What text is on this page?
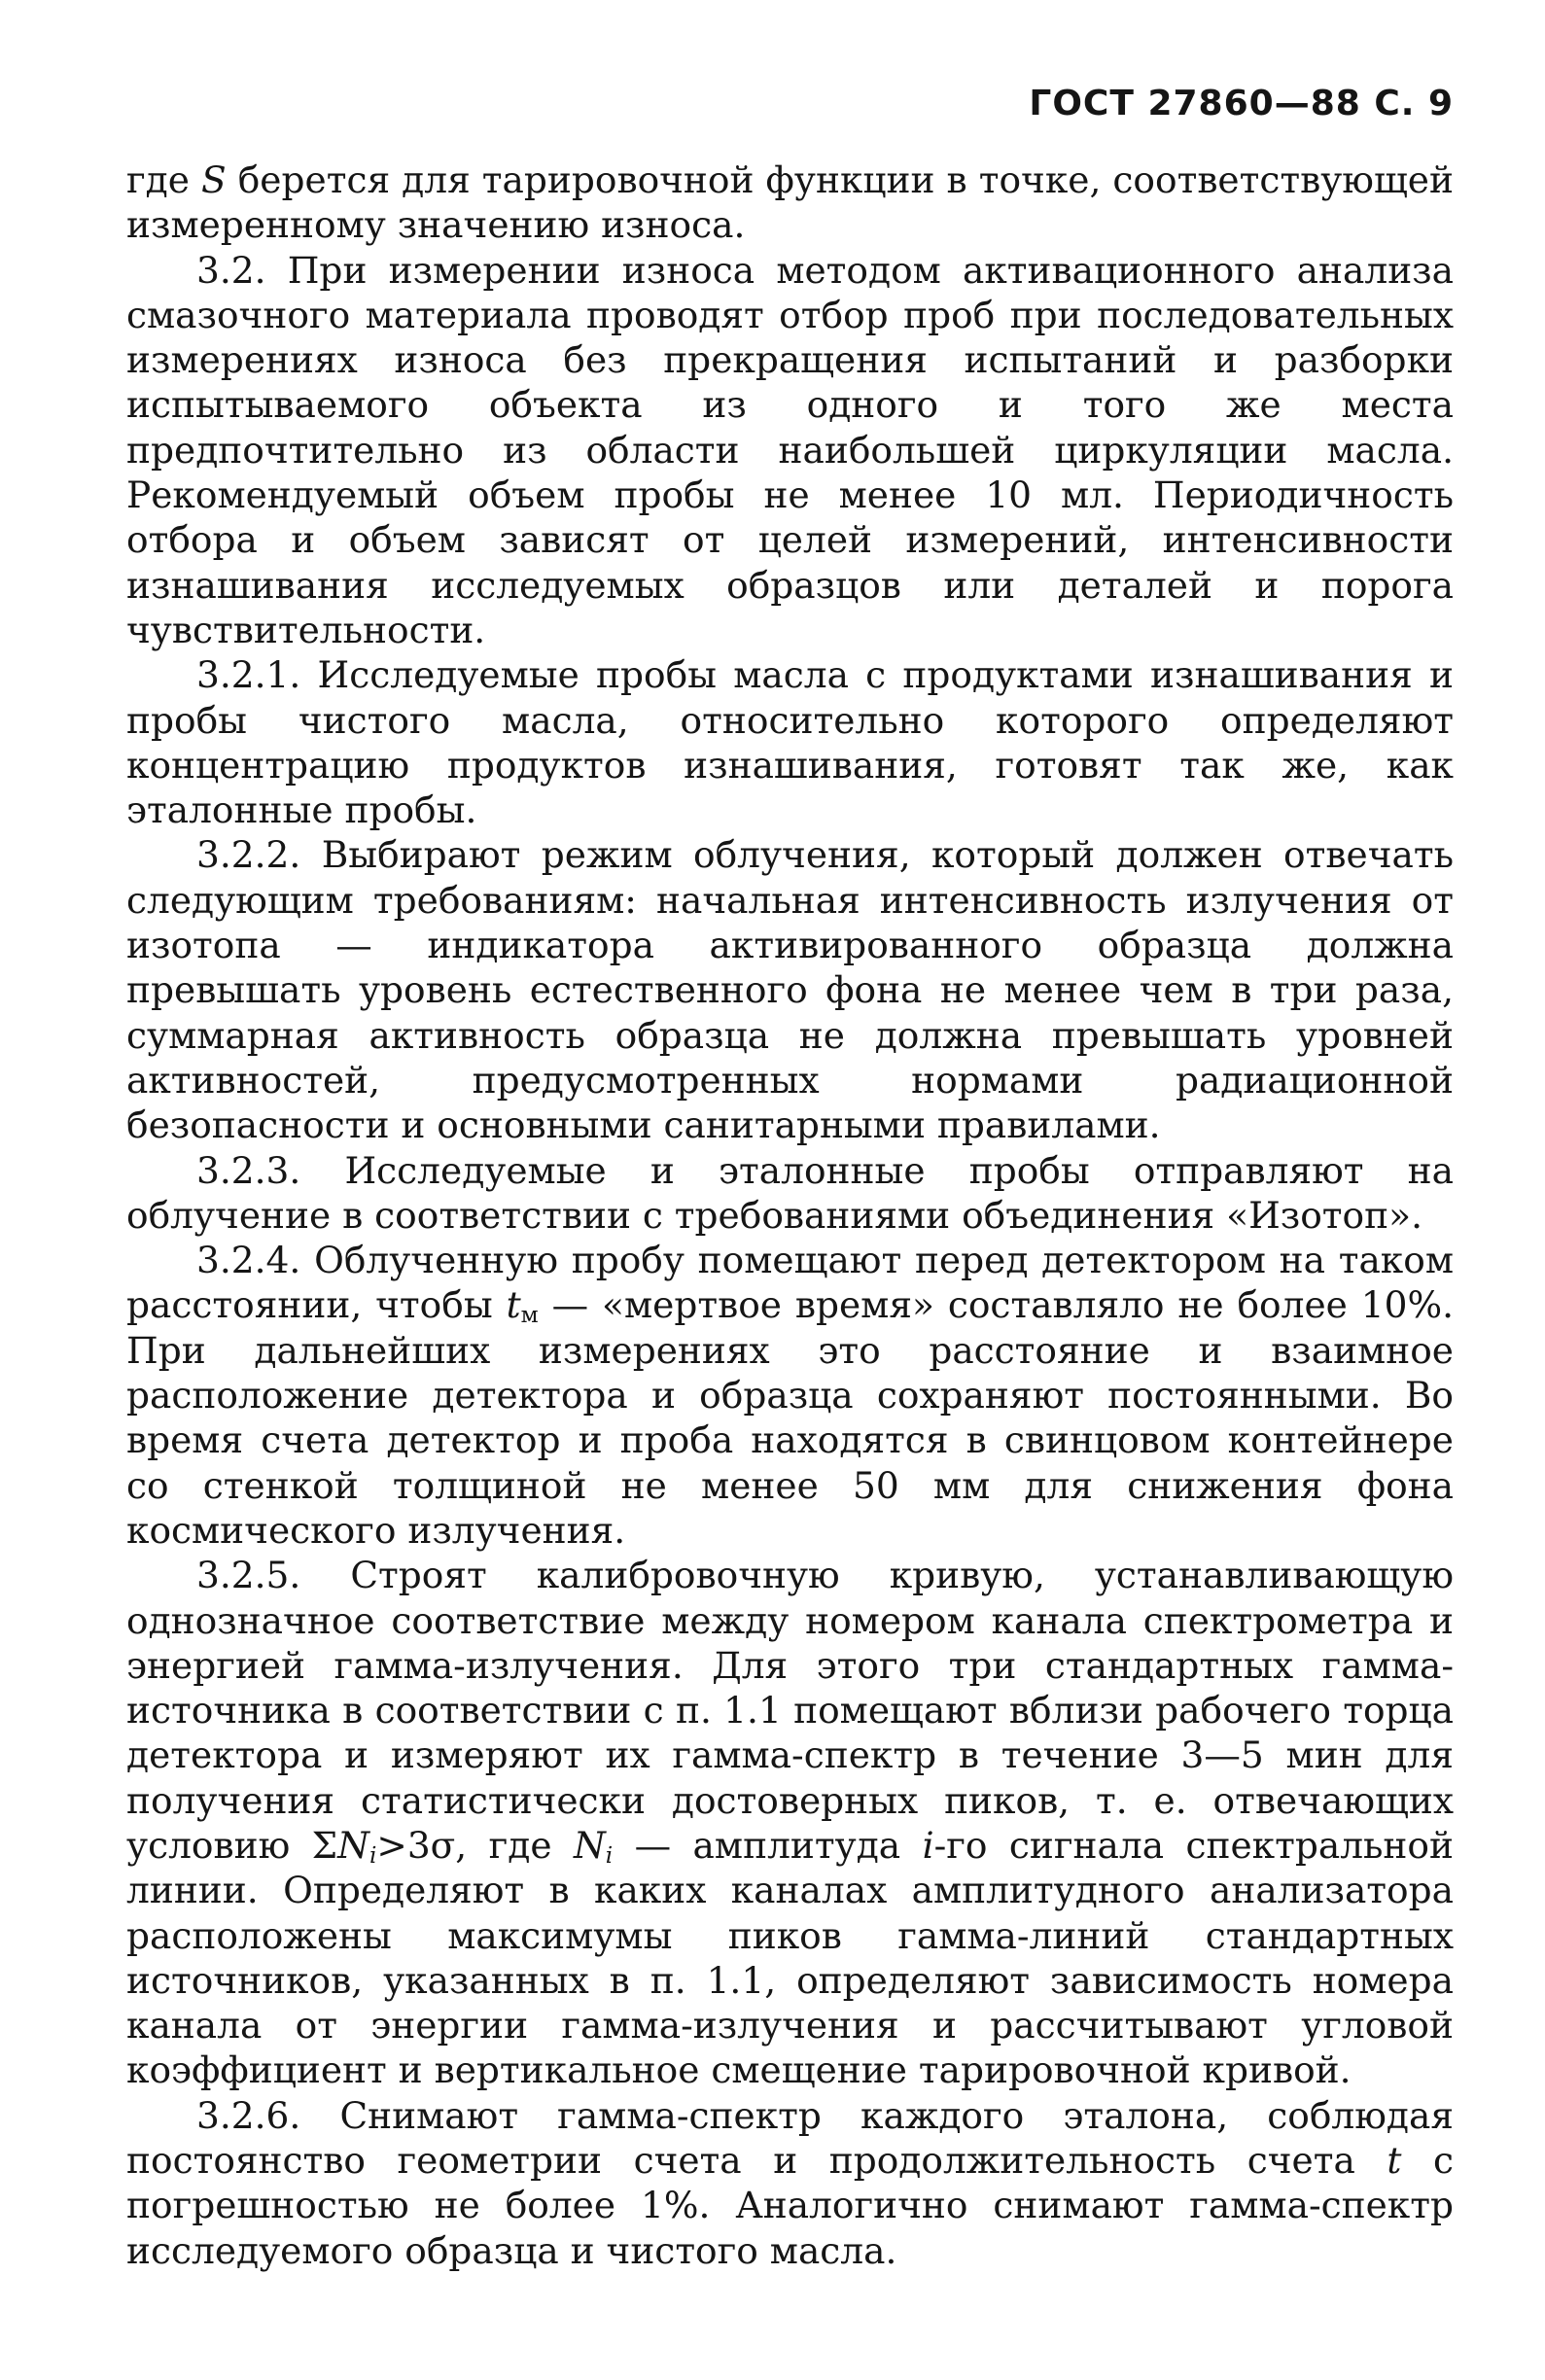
ГОСТ 27860—88 С. 9

где S берется для тарировочной функции в точке, соответствующей измеренному значению износа.

3.2. При измерении износа методом активационного анализа смазочного материала проводят отбор проб при последовательных измерениях износа без прекращения испытаний и разборки испытываемого объекта из одного и того же места предпочтительно из области наибольшей циркуляции масла. Рекомендуемый объем пробы не менее 10 мл. Периодичность отбора и объем зависят от целей измерений, интенсивности изнашивания исследуемых образцов или деталей и порога чувствительности.

3.2.1. Исследуемые пробы масла с продуктами изнашивания и пробы чистого масла, относительно которого определяют концентрацию продуктов изнашивания, готовят так же, как эталонные пробы.

3.2.2. Выбирают режим облучения, который должен отвечать следующим требованиям: начальная интенсивность излучения от изотопа — индикатора активированного образца должна превышать уровень естественного фона не менее чем в три раза, суммарная активность образца не должна превышать уровней активностей, предусмотренных нормами радиационной безопасности и основными санитарными правилами.

3.2.3. Исследуемые и эталонные пробы отправляют на облучение в соответствии с требованиями объединения «Изотоп».

3.2.4. Облученную пробу помещают перед детектором на таком расстоянии, чтобы $t_м$ — «мертвое время» составляло не более 10%. При дальнейших измерениях это расстояние и взаимное расположение детектора и образца сохраняют постоянными. Во время счета детектор и проба находятся в свинцовом контейнере со стенкой толщиной не менее 50 мм для снижения фона космического излучения.

3.2.5. Строят калибровочную кривую, устанавливающую однозначное соответствие между номером канала спектрометра и энергией гамма-излучения. Для этого три стандартных гамма-источника в соответствии с п. 1.1 помещают вблизи рабочего торца детектора и измеряют их гамма-спектр в течение 3—5 мин для получения статистически достоверных пиков, т. е. отвечающих условию $\Sigma N_i>3\sigma$, где $N_i$ — амплитуда i-го сигнала спектральной линии. Определяют в каких каналах амплитудного анализатора расположены максимумы пиков гамма-линий стандартных источников, указанных в п. 1.1, определяют зависимость номера канала от энергии гамма-излучения и рассчитывают угловой коэффициент и вертикальное смещение тарировочной кривой.

3.2.6. Снимают гамма-спектр каждого эталона, соблюдая постоянство геометрии счета и продолжительность счета t с погрешностью не более 1%. Аналогично снимают гамма-спектр исследуемого образца и чистого масла.
